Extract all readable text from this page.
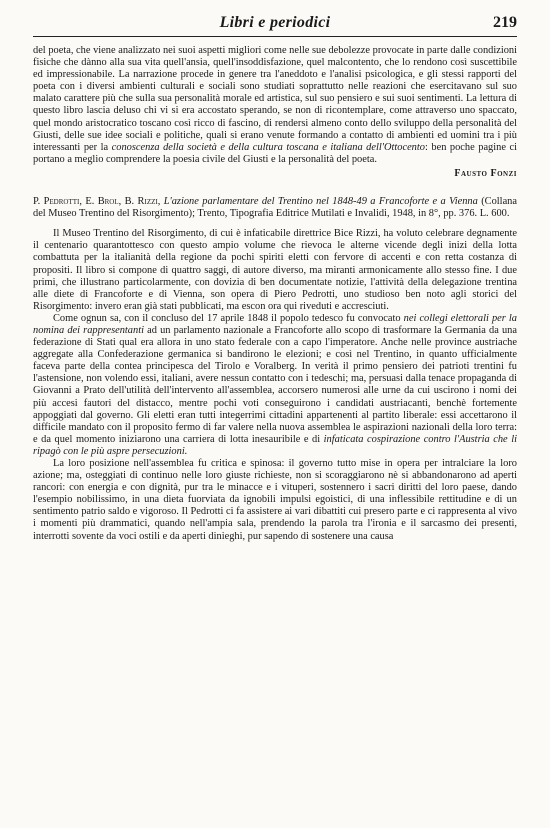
Libri e periodici	219

del poeta, che viene analizzato nei suoi aspetti migliori come nelle sue debolezze provocate in parte dalle condizioni fisiche che dànno alla sua vita quell'ansia, quell'insoddisfazione, quel malcontento, che lo rendono così suscettibile ed impressionabile. La narrazione procede in genere tra l'aneddoto e l'analisi psicologica, e gli stessi rapporti del poeta con i diversi ambienti culturali e sociali sono studiati soprattutto nelle reazioni che esercitavano sul suo malato carattere più che sulla sua personalità morale ed artistica, sul suo pensiero e sui suoi sentimenti. La lettura di questo libro lascia deluso chi vi si era accostato sperando, se non di ricontemplare, come attraverso uno spaccato, quel mondo aristocratico toscano così ricco di fascino, di rendersi almeno conto dello sviluppo della personalità del Giusti, delle sue idee sociali e politiche, quali si erano venute formando a contatto di ambienti ed uomini tra i più interessanti per la conoscenza della società e della cultura toscana e italiana dell'Ottocento: ben poche pagine ci portano a meglio comprendere la poesia civile del Giusti e la personalità del poeta.

Fausto Fonzi
P. Pedrotti, E. Brol, B. Rizzi, L'azione parlamentare del Trentino nel 1848-49 a Francoforte e a Vienna (Collana del Museo Trentino del Risorgimento); Trento, Tipografia Editrice Mutilati e Invalidi, 1948, in 8°, pp. 376. L. 600.

Il Museo Trentino del Risorgimento, di cui è infaticabile direttrice Bice Rizzi, ha voluto celebrare degnamente il centenario quarantottesco con questo ampio volume che rievoca le alterne vicende degli inizi della lotta combattuta per la italianità della regione da pochi spiriti eletti con fervore di accenti e con retta costanza di propositi. Il libro si compone di quattro saggi, di autore diverso, ma miranti armonicamente allo stesso fine. I due primi, che illustrano particolarmente, con dovizia di ben documentate notizie, l'attività della delegazione trentina alle diete di Francoforte e di Vienna, son opera di Piero Pedrotti, uno studioso ben noto agli storici del Risorgimento: invero eran già stati pubblicati, ma escon ora qui riveduti e accresciuti.

Come ognun sa, con il concluso del 17 aprile 1848 il popolo tedesco fu convocato nei collegi elettorali per la nomina dei rappresentanti ad un parlamento nazionale a Francoforte allo scopo di trasformare la Germania da una federazione di Stati qual era allora in uno stato federale con a capo l'imperatore. Anche nelle province austriache aggregate alla Confederazione germanica si bandirono le elezioni; e così nel Trentino, in quanto ufficialmente faceva parte della contea principesca del Tirolo e Voralberg. In verità il primo pensiero dei patrioti trentini fu l'astensione, non volendo essi, italiani, avere nessun contatto con i tedeschi; ma, persuasi dalla tenace propaganda di Giovanni a Prato dell'utilità dell'intervento all'assemblea, accorsero numerosi alle urne da cui uscirono i nomi dei più accesi fautori del distacco, mentre pochi voti conseguirono i candidati austriacanti, benchè fortemente appoggiati dal governo. Gli eletti eran tutti integerrimi cittadini appartenenti al partito liberale: essi accettarono il difficile mandato con il proposito fermo di far valere nella nuova assemblea le aspirazioni nazionali della loro terra: e da quel momento iniziarono una carriera di lotta inesauribile e di infaticata cospirazione contro l'Austria che li ripagò con le più aspre persecuzioni.

La loro posizione nell'assemblea fu critica e spinosa: il governo tutto mise in opera per intralciare la loro azione; ma, osteggiati di continuo nelle loro giuste richieste, non si scoraggiarono nè si abbandonarono ad aperti rancori: con energia e con dignità, pur tra le minacce e i vituperi, sostennero i sacri diritti del loro paese, dando l'esempio nobilissimo, in una dieta fuorviata da ignobili impulsi egoistici, di una inflessibile rettitudine e di un sentimento patrio saldo e vigoroso. Il Pedrotti ci fa assistere ai vari dibattiti cui presero parte e ci rappresenta al vivo i momenti più drammatici, quando nell'ampia sala, prendendo la parola tra l'ironia e il sarcasmo dei presenti, interrotti sovente da voci ostili e da aperti dinieghi, pur sapendo di sostenere una causa
